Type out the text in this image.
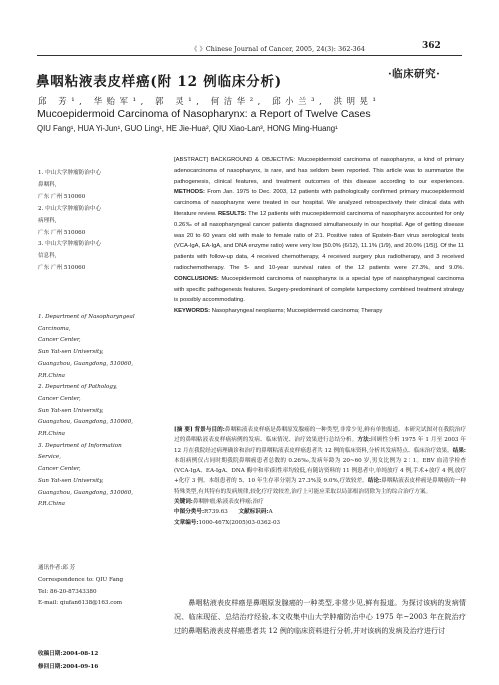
《 》Chinese Journal of Cancer, 2005, 24(3): 362-364	362
·临床研究·
鼻咽粘液表皮样癌(附 12 例临床分析)
邱 芳¹, 华贻军¹, 郭 灵¹, 何洁华², 邱小兰³, 洪明晃¹
Mucoepidermoid Carcinoma of Nasopharynx: a Report of Twelve Cases
QIU Fang¹, HUA Yi-Jun¹, GUO Ling¹, HE Jie-Hua², QIU Xiao-Lan³, HONG Ming-Huang¹
1. 中山大学肿瘤防治中心
鼻咽科,
广东 广州 510060
2. 中山大学肿瘤防治中心
病理科,
广东 广州 510060
3. 中山大学肿瘤防治中心
信息科,
广东 广州 510060
1. Department of Nasopharyngeal
Carcinoma,
Cancer Center,
Sun Yat-sen University,
Guangzhou, Guangdong, 510060,
P.R.China
2. Department of Pathology,
Cancer Center,
Sun Yat-sen University,
Guangzhou, Guangdong, 510060,
P.R.China
3. Department of Information
Service,
Cancer Center,
Sun Yat-sen University,
Guangzhou, Guangdong, 510060,
P.R.China
通讯作者:邱 芳
Correspondence to: QIU Fang
Tel: 86-20-87343380
E-mail: qiufan6138@163.com
收稿日期:2004-08-12
修回日期:2004-09-16
[ABSTRACT] BACKGROUND & OBJECTIVE: Mucoepidermoid carcinoma of nasopharynx, a kind of primary adenocarcinoma of nasopharynx, is rare, and has seldom been reported. This article was to summarize the pathogenesis, clinical features, and treatment outcomes of this disease according to our experiences. METHODS: From Jan. 1975 to Dec. 2003, 12 patients with pathologically confirmed primary mucoepidermoid carcinoma of nasopharynx were treated in our hospital. We analyzed retrospectively their clinical data with literature review. RESULTS: The 12 patients with mucoepidermoid carcinoma of nasopharynx accounted for only 0.26‰ of all nasopharyngeal cancer patients diagnosed simultaneously in our hospital. Age of getting disease was 20 to 60 years old with male to female ratio of 2∶1. Positive rates of Epstein-Barr virus serological tests (VCA-IgA, EA-IgA, and DNA enzyme ratio) were very low [50.0% (6/12), 11.1% (1/9), and 20.0% (1/5)]. Of the 11 patients with follow-up data, 4 received chemotherapy, 4 received surgery plus radiotherapy, and 3 received radiochemotherapy. The 5- and 10-year survival rates of the 12 patients were 27.3%, and 9.0%. CONCLUSIONS: Mucoepidermoid carcinoma of nasopharynx is a special type of nasopharyngeal carcinoma with specific pathogenesis features. Surgery-predominant of complete lumpectomy combined treatment strategy is possibly accommodating.
KEYWORDS: Nasopharyngeal neoplasms; Mucoepidermoid carcinoma; Therapy
[摘 要] 背景与目的:鼻咽粘液表皮样癌是鼻咽原发腺癌的一种类型,非常少见,鲜有单独报道。本研究试图对在我院治疗过的鼻咽粘液表皮样癌病例的发病、临床情况、治疗效果进行总结分析。方法:回顾性分析 1975 年 1 月至 2003 年 12 月在我院经过病理确诊和治疗的鼻咽粘液表皮样癌患者共 12 例的临床资料,分析其发病特点、临床治疗效果。结果:本组病例仅占同时期我院鼻咽癌患者总数的 0.26‰,发病年龄为 20~60 岁,男女比例为 2∶1。EBV 血清学检查(VCA-IgA、EA-IgA、DNA 酶中和率)阳性率均较低,有随访资料的 11 例患者中,单纯放疗 4 例,手术+放疗 4 例,放疗+化疗 3 例。本组患者的 5、10 年生存率分别为 27.3%及 9.0%,疗效较差。结论:鼻咽粘液表皮样癌是鼻咽癌的一种特殊类型,有其特有的发病规律,较化疗疗效较差,治疗上可能应采取以局部根治切除为主的综合治疗方案。
关键词:鼻咽肿瘤;粘液表皮样癌;治疗
中图分类号:R739.63 文献标识码:A
文章编号:1000-467X(2005)03-0362-03
鼻咽粘液表皮样癌是鼻咽原发腺癌的一种类型,非常少见,鲜有报道。为探讨该病的发病情况、临床现征、总结治疗经验,本文收集中山大学肿瘤防治中心 1975 年~2003 年在院治疗过的鼻咽粘液表皮样癌患者共 12 例的临床资料进行分析,并对该病的发病及治疗进行讨
